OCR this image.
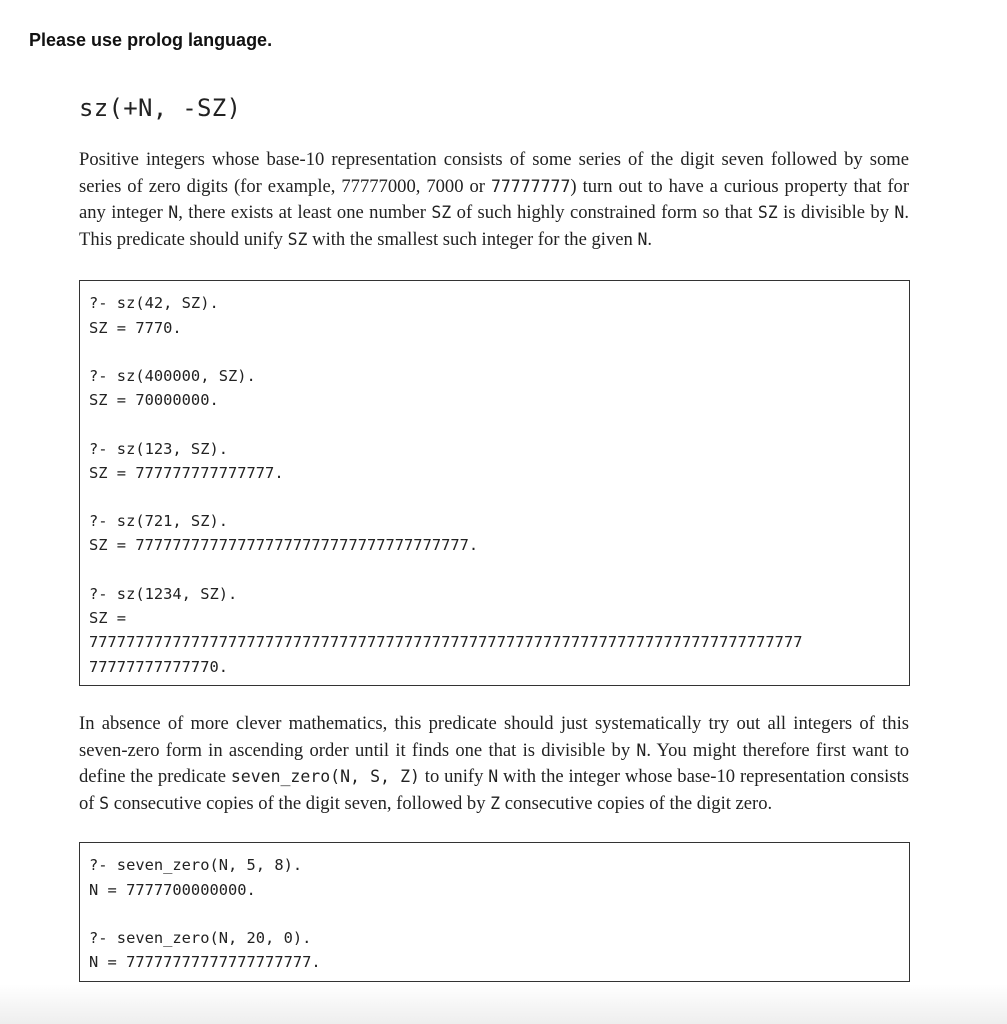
Please use prolog language.
sz(+N, -SZ)

Positive integers whose base-10 representation consists of some series of the digit seven followed by some series of zero digits (for example, 77777000, 7000 or 77777777) turn out to have a curious property that for any integer N, there exists at least one number SZ of such highly constrained form so that SZ is divisible by N. This predicate should unify SZ with the smallest such integer for the given N.

?- sz(42, SZ).
SZ = 7770.
?- sz(400000, SZ).
SZ = 70000000.
?- sz(123, SZ).
SZ = 777777777777777.
?- sz(721, SZ).
SZ = 777777777777777777777777777777777777.
?- sz(1234, SZ).
SZ =
77777777777777777777777777777777777777777777777777777777777777777777777777777
77777777777770.

In absence of more clever mathematics, this predicate should just systematically try out all integers of this seven-zero form in ascending order until it finds one that is divisible by N. You might therefore first want to define the predicate seven_zero(N, S, Z) to unify N with the integer whose base-10 representation consists of S consecutive copies of the digit seven, followed by Z consecutive copies of the digit zero.

?- seven_zero(N, 5, 8).
N = 7777700000000.
?- seven_zero(N, 20, 0).
N = 77777777777777777777.
